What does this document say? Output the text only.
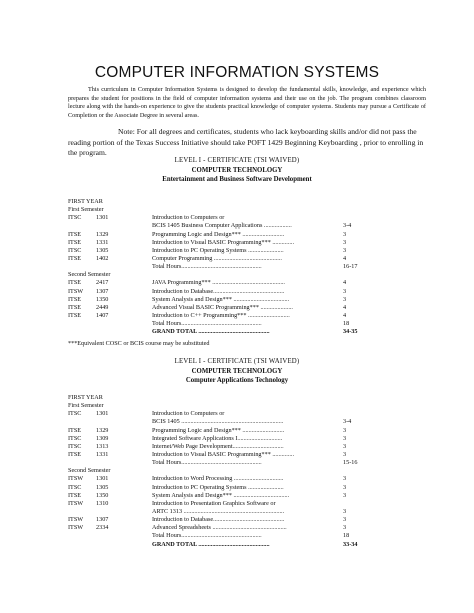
COMPUTER INFORMATION SYSTEMS
This curriculum in Computer Information Systems is designed to develop the fundamental skills, knowledge, and experience which prepares the student for positions in the field of computer information systems and their use on the job. The program combines classroom lecture along with the hands-on experience to give the students practical knowledge of computer systems. Students may pursue a Certificate of Completion or the Associate Degree in several areas.
Note: For all degrees and certificates, students who lack keyboarding skills and/or did not pass the reading portion of the Texas Success Initiative should take POFT 1429 Beginning Keyboarding , prior to enrolling in the program.
LEVEL I - CERTIFICATE (TSI WAIVED)
COMPUTER TECHNOLOGY
Entertainment and Business Software Development
FIRST YEAR
First Semester
ITSC 1301	Introduction to Computers or
BCIS 1405 Business Computer Applications ..................	3-4
ITSE 1329	Programming Logic and Design*** ...........................	3
ITSE 1331	Introduction to Visual BASIC Programming*** ..............	3
ITSC 1305	Introduction to PC Operating Systems .......................	3
ITSE 1402	Computer Programming ............................................	4
Total Hours....................................................	16-17
Second Semester
ITSE 2417	JAVA Programming*** ...............................................	4
ITSW 1307	Introduction to Database..............................................	3
ITSE 1350	System Analysis and Design*** ....................................	3
ITSE 2449	Advanced Visual BASIC Programming*** .....................	4
ITSE 1407	Introduction to C++ Programming*** ...........................	4
Total Hours....................................................	18
GRAND TOTAL ..............................................	34-35
***Equivalent COSC or BCIS course may be substituted
LEVEL I - CERTIFICATE (TSI WAIVED)
COMPUTER TECHNOLOGY
Computer Applications Technology
FIRST YEAR
First Semester
ITSC 1301	Introduction to Computers or
BCIS 1405 ..................................................................	3-4
ITSE 1329	Programming Logic and Design*** ...........................	3
ITSC 1309	Integrated Software Applications I.............................	3
ITSC 1313	Internet/Web Page Development.................................	3
ITSE 1331	Introduction to Visual BASIC Programming*** ..............	3
Total Hours....................................................	15-16
Second Semester
ITSW 1301	Introduction to Word Processing ................................	3
ITSC 1305	Introduction to PC Operating Systems .......................	3
ITSE 1350	System Analysis and Design*** ....................................	3
ITSW 1310	Introduction to Presentation Graphics Software or
ARTC 1313 .................................................................	3
ITSW 1307	Introduction to Database..............................................	3
ITSW 2334	Advanced Spreadsheets ................................................	3
Total Hours....................................................	18
GRAND TOTAL ..............................................	33-34
